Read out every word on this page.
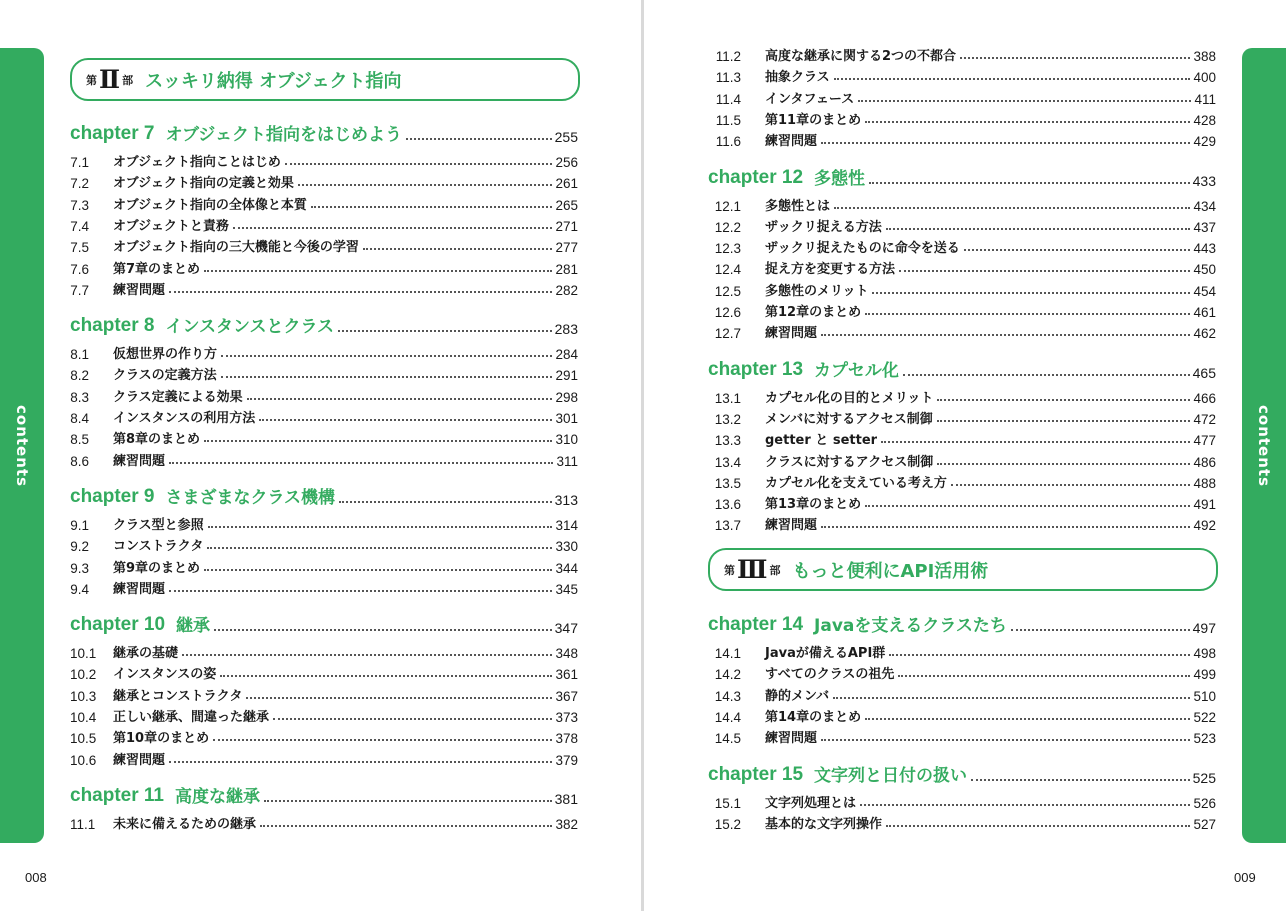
contents
第 Ⅱ 部 スッキリ納得 オブジェクト指向
chapter 7 オブジェクト指向をはじめよう	255
7.1 オブジェクト指向ことはじめ	256
7.2 オブジェクト指向の定義と効果	261
7.3 オブジェクト指向の全体像と本質	265
7.4 オブジェクトと責務	271
7.5 オブジェクト指向の三大機能と今後の学習	277
7.6 第7章のまとめ	281
7.7 練習問題	282
chapter 8 インスタンスとクラス	283
8.1 仮想世界の作り方	284
8.2 クラスの定義方法	291
8.3 クラス定義による効果	298
8.4 インスタンスの利用方法	301
8.5 第8章のまとめ	310
8.6 練習問題	311
chapter 9 さまざまなクラス機構	313
9.1 クラス型と参照	314
9.2 コンストラクタ	330
9.3 第9章のまとめ	344
9.4 練習問題	345
chapter 10 継承	347
10.1 継承の基礎	348
10.2 インスタンスの姿	361
10.3 継承とコンストラクタ	367
10.4 正しい継承、間違った継承	373
10.5 第10章のまとめ	378
10.6 練習問題	379
chapter 11 高度な継承	381
11.1 未来に備えるための継承	382
008
contents
11.2 高度な継承に関する2つの不都合	388
11.3 抽象クラス	400
11.4 インタフェース	411
11.5 第11章のまとめ	428
11.6 練習問題	429
chapter 12 多態性	433
12.1 多態性とは	434
12.2 ザックリ捉える方法	437
12.3 ザックリ捉えたものに命令を送る	443
12.4 捉え方を変更する方法	450
12.5 多態性のメリット	454
12.6 第12章のまとめ	461
12.7 練習問題	462
chapter 13 カプセル化	465
13.1 カプセル化の目的とメリット	466
13.2 メンバに対するアクセス制御	472
13.3 getter と setter	477
13.4 クラスに対するアクセス制御	486
13.5 カプセル化を支えている考え方	488
13.6 第13章のまとめ	491
13.7 練習問題	492
第 Ⅲ 部 もっと便利にAPI活用術
chapter 14 Javaを支えるクラスたち	497
14.1 Javaが備えるAPI群	498
14.2 すべてのクラスの祖先	499
14.3 静的メンバ	510
14.4 第14章のまとめ	522
14.5 練習問題	523
chapter 15 文字列と日付の扱い	525
15.1 文字列処理とは	526
15.2 基本的な文字列操作	527
009
